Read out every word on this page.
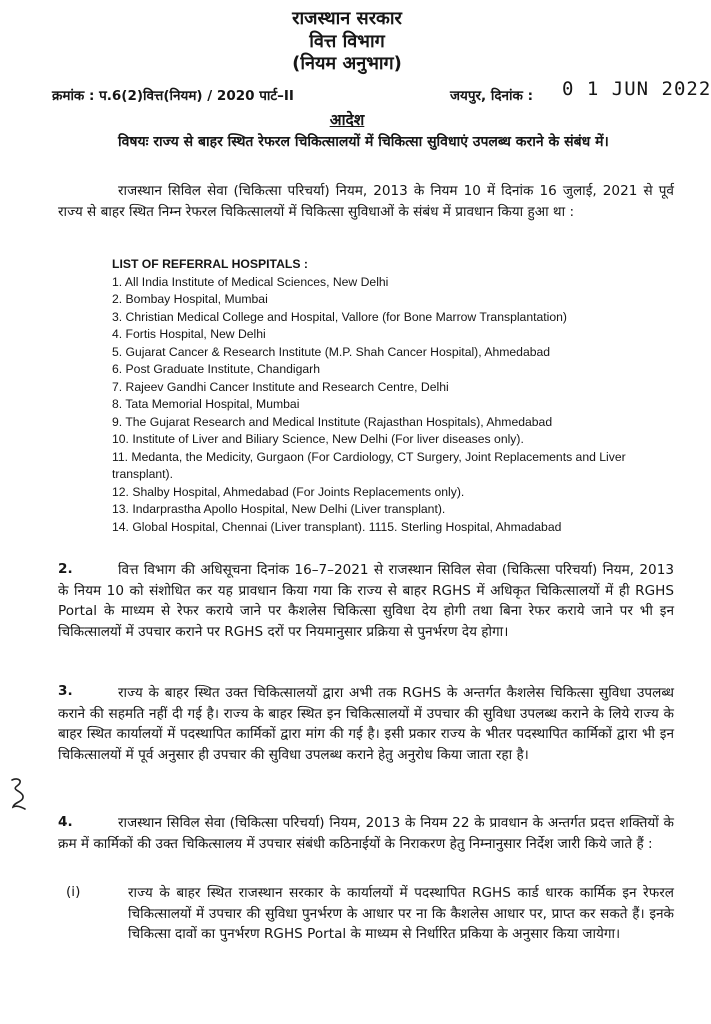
राजस्थान सरकार
वित्त विभाग
(नियम अनुभाग)
क्रमांक : प.6(2)वित्त(नियम) / 2020 पार्ट–II	जयपुर, दिनांक : 0 1 JUN 2022
आदेश
विषयः राज्य से बाहर स्थित रेफरल चिकित्सालयों में चिकित्सा सुविधाएं उपलब्ध कराने के संबंध में।
राजस्थान सिविल सेवा (चिकित्सा परिचर्या) नियम, 2013 के नियम 10 में दिनांक 16 जुलाई, 2021 से पूर्व राज्य से बाहर स्थित निम्न रेफरल चिकित्सालयों में चिकित्सा सुविधाओं के संबंध में प्रावधान किया हुआ था :
LIST OF REFERRAL HOSPITALS :

1. All India Institute of Medical Sciences, New Delhi

2. Bombay Hospital, Mumbai

3. Christian Medical College and Hospital, Vallore (for Bone Marrow Transplantation)

4. Fortis Hospital, New Delhi

5. Gujarat Cancer & Research Institute (M.P. Shah Cancer Hospital), Ahmedabad

6. Post Graduate Institute, Chandigarh

7. Rajeev Gandhi Cancer Institute and Research Centre, Delhi

8. Tata Memorial Hospital, Mumbai

9. The Gujarat Research and Medical Institute (Rajasthan Hospitals), Ahmedabad

10. Institute of Liver and Biliary Science, New Delhi (For liver diseases only).

11. Medanta, the Medicity, Gurgaon (For Cardiology, CT Surgery, Joint Replacements and Liver transplant).

12. Shalby Hospital, Ahmedabad (For Joints Replacements only).

13. Indarprastha Apollo Hospital, New Delhi (Liver transplant).

14. Global Hospital, Chennai (Liver transplant). 1115. Sterling Hospital, Ahmadabad

वित्त विभाग की अधिसूचना दिनांक 16–7–2021 से राजस्थान सिविल सेवा (चिकित्सा परिचर्या) नियम, 2013 के नियम 10 को संशोधित कर यह प्रावधान किया गया कि राज्य से बाहर RGHS में अधिकृत चिकित्सालयों में ही RGHS Portal के माध्यम से रेफर कराये जाने पर कैशलेस चिकित्सा सुविधा देय होगी तथा बिना रेफर कराये जाने पर भी इन चिकित्सालयों में उपचार कराने पर RGHS दरों पर नियमानुसार प्रक्रिया से पुनर्भरण देय होगा।
2.
राज्य के बाहर स्थित उक्त चिकित्सालयों द्वारा अभी तक RGHS के अन्तर्गत कैशलेस चिकित्सा सुविधा उपलब्ध कराने की सहमति नहीं दी गई है। राज्य के बाहर स्थित इन चिकित्सालयों में उपचार की सुविधा उपलब्ध कराने के लिये राज्य के बाहर स्थित कार्यालयों में पदस्थापित कार्मिकों द्वारा मांग की गई है। इसी प्रकार राज्य के भीतर पदस्थापित कार्मिकों द्वारा भी इन चिकित्सालयों में पूर्व अनुसार ही उपचार की सुविधा उपलब्ध कराने हेतु अनुरोध किया जाता रहा है।
3.
राजस्थान सिविल सेवा (चिकित्सा परिचर्या) नियम, 2013 के नियम 22 के प्रावधान के अन्तर्गत प्रदत्त शक्तियों के क्रम में कार्मिकों की उक्त चिकित्सालय में उपचार संबंधी कठिनाईयों के निराकरण हेतु निम्नानुसार निर्देश जारी किये जाते हैं :
4.
(i)	राज्य के बाहर स्थित राजस्थान सरकार के कार्यालयों में पदस्थापित RGHS कार्ड धारक कार्मिक इन रेफरल चिकित्सालयों में उपचार की सुविधा पुनर्भरण के आधार पर ना कि कैशलेस आधार पर, प्राप्त कर सकते हैं। इनके चिकित्सा दावों का पुनर्भरण RGHS Portal के माध्यम से निर्धारित प्रकिया के अनुसार किया जायेगा।
